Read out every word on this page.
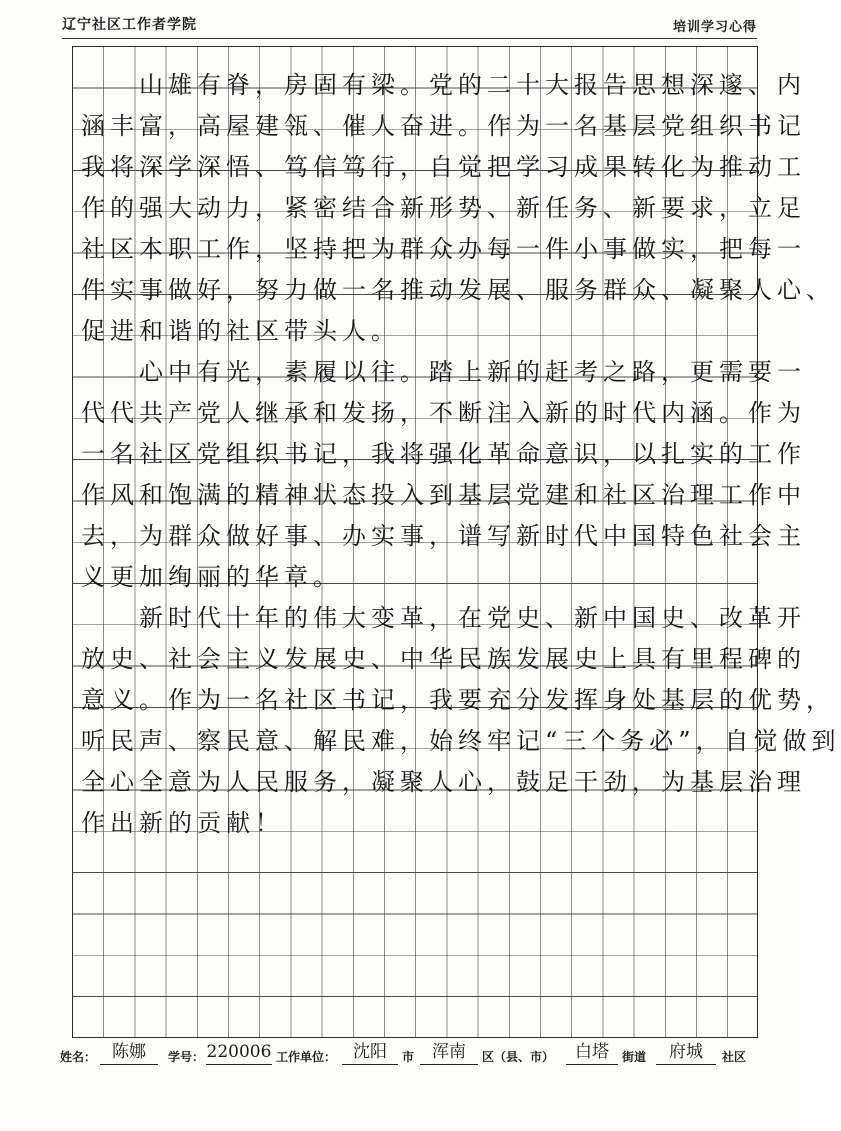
辽宁社区工作者学院	培训学习心得
　　山雄有脊，房固有梁。党的二十大报告思想深邃、内
涵丰富，高屋建瓴、催人奋进。作为一名基层党组织书记
我将深学深悟、笃信笃行，自觉把学习成果转化为推动工
作的强大动力，紧密结合新形势、新任务、新要求，立足
社区本职工作，坚持把为群众办每一件小事做实，把每一
件实事做好，努力做一名推动发展、服务群众、凝聚人心、
促进和谐的社区带头人。
　　心中有光，素履以往。踏上新的赶考之路，更需要一
代代共产党人继承和发扬，不断注入新的时代内涵。作为
一名社区党组织书记，我将强化革命意识，以扎实的工作
作风和饱满的精神状态投入到基层党建和社区治理工作中
去，为群众做好事、办实事，谱写新时代中国特色社会主
义更加绚丽的华章。
　　新时代十年的伟大变革，在党史、新中国史、改革开
放史、社会主义发展史、中华民族发展史上具有里程碑的
意义。作为一名社区书记，我要充分发挥身处基层的优势，
听民声、察民意、解民难，始终牢记“三个务必”，自觉做到
全心全意为人民服务，凝聚人心，鼓足干劲，为基层治理
作出新的贡献！
姓名： 陈娜	学号： 220006 工作单位： 沈阳	市	浑南	区（县、市）	白塔	街道	府城	社区
